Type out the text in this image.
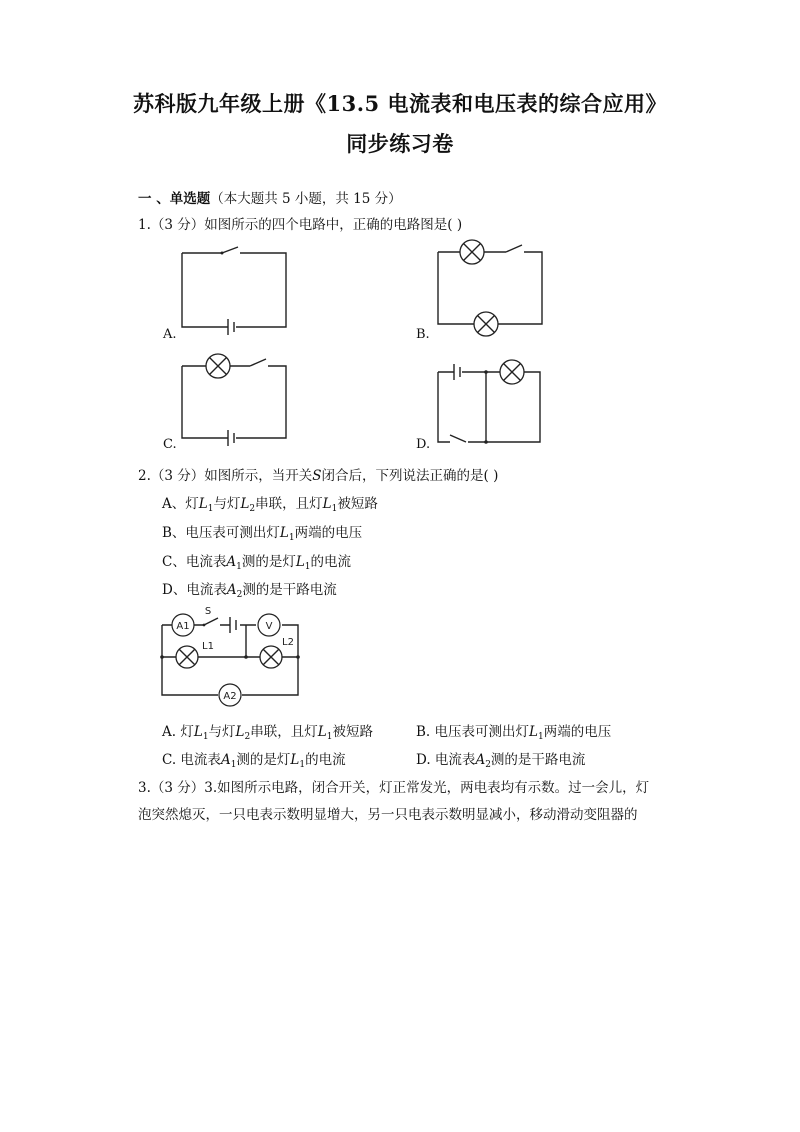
苏科版九年级上册《13.5 电流表和电压表的综合应用》
同步练习卷
一 、单选题（本大题共 5 小题，共 15 分）
1.（3 分）如图所示的四个电路中，正确的电路图是( )
A.	B.
C.	D.
2.（3 分）如图所示，当开关S闭合后，下列说法正确的是( )
A、灯$L_1$与灯$L_2$串联，且灯$L_1$被短路
B、电压表可测出灯$L_1$两端的电压
C、电流表$A_1$测的是灯$L_1$的电流
D、电流表$A_2$测的是干路电流
A1
S
V
L1	L2
A2
A. 灯$L_1$与灯$L_2$串联，且灯$L_1$被短路	B. 电压表可测出灯$L_1$两端的电压
C. 电流表$A_1$测的是灯$L_1$的电流	D. 电流表$A_2$测的是干路电流
3.（3 分）3.如图所示电路，闭合开关，灯正常发光，两电表均有示数。过一会儿，灯
泡突然熄灭，一只电表示数明显增大，另一只电表示数明显减小，移动滑动变阻器的
